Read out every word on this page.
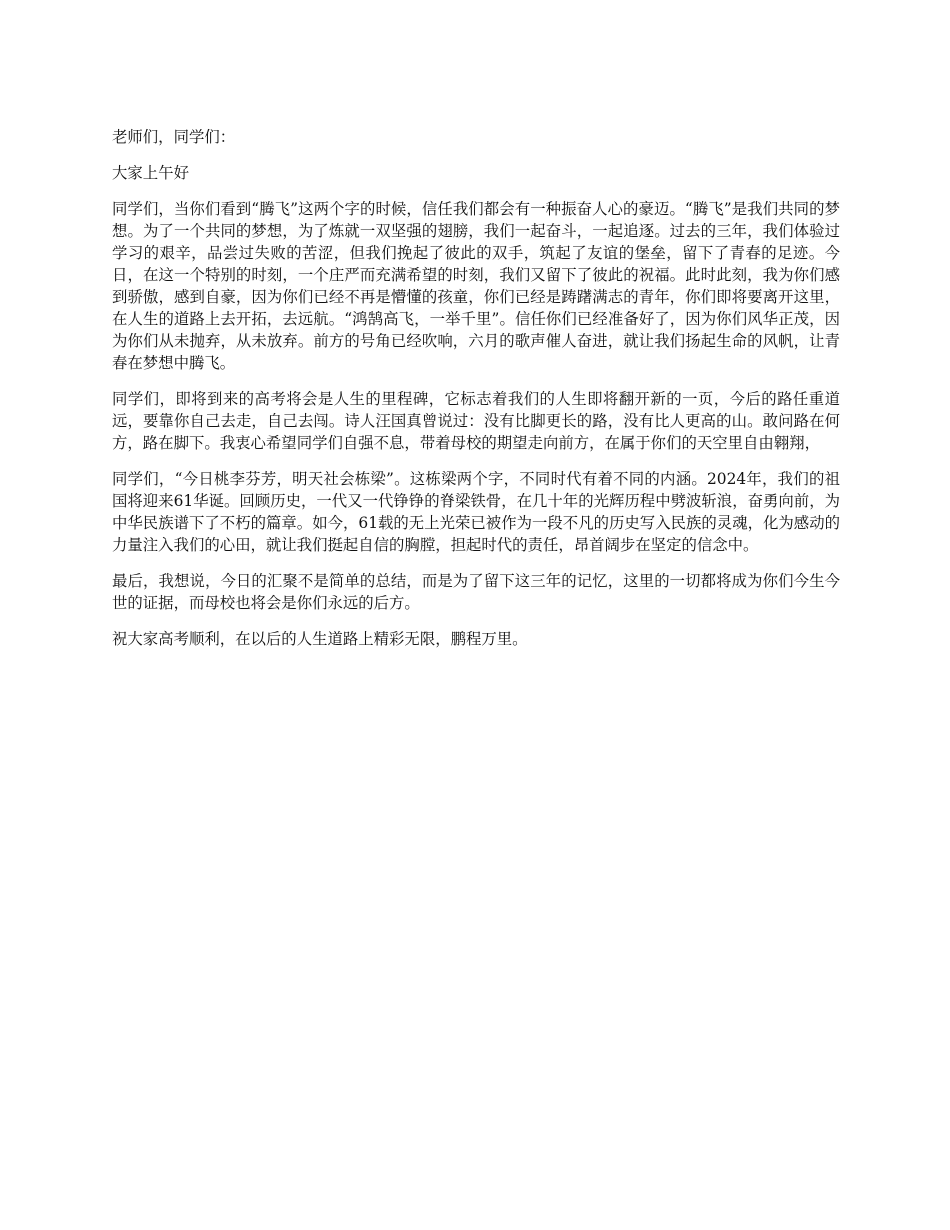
老师们，同学们：

大家上午好

同学们，当你们看到“腾飞”这两个字的时候，信任我们都会有一种振奋人心的豪迈。“腾飞”是我们共同的梦想。为了一个共同的梦想，为了炼就一双坚强的翅膀，我们一起奋斗，一起追逐。过去的三年，我们体验过学习的艰辛，品尝过失败的苦涩，但我们挽起了彼此的双手，筑起了友谊的堡垒，留下了青春的足迹。今日，在这一个特别的时刻，一个庄严而充满希望的时刻，我们又留下了彼此的祝福。此时此刻，我为你们感到骄傲，感到自豪，因为你们已经不再是懵懂的孩童，你们已经是踌躇满志的青年，你们即将要离开这里，在人生的道路上去开拓，去远航。“鸿鹄高飞，一举千里”。信任你们已经准备好了，因为你们风华正茂，因为你们从未抛弃，从未放弃。前方的号角已经吹响，六月的歌声催人奋进，就让我们扬起生命的风帆，让青春在梦想中腾飞。

同学们，即将到来的高考将会是人生的里程碑，它标志着我们的人生即将翻开新的一页，今后的路任重道远，要靠你自己去走，自己去闯。诗人汪国真曾说过：没有比脚更长的路，没有比人更高的山。敢问路在何方，路在脚下。我衷心希望同学们自强不息，带着母校的期望走向前方，在属于你们的天空里自由翱翔，

同学们，“今日桃李芬芳，明天社会栋梁”。这栋梁两个字，不同时代有着不同的内涵。2024年，我们的祖国将迎来61华诞。回顾历史，一代又一代铮铮的脊梁铁骨，在几十年的光辉历程中劈波斩浪，奋勇向前，为中华民族谱下了不朽的篇章。如今，61载的无上光荣已被作为一段不凡的历史写入民族的灵魂，化为感动的力量注入我们的心田，就让我们挺起自信的胸膛，担起时代的责任，昂首阔步在坚定的信念中。

最后，我想说，今日的汇聚不是简单的总结，而是为了留下这三年的记忆，这里的一切都将成为你们今生今世的证据，而母校也将会是你们永远的后方。

祝大家高考顺利，在以后的人生道路上精彩无限，鹏程万里。
